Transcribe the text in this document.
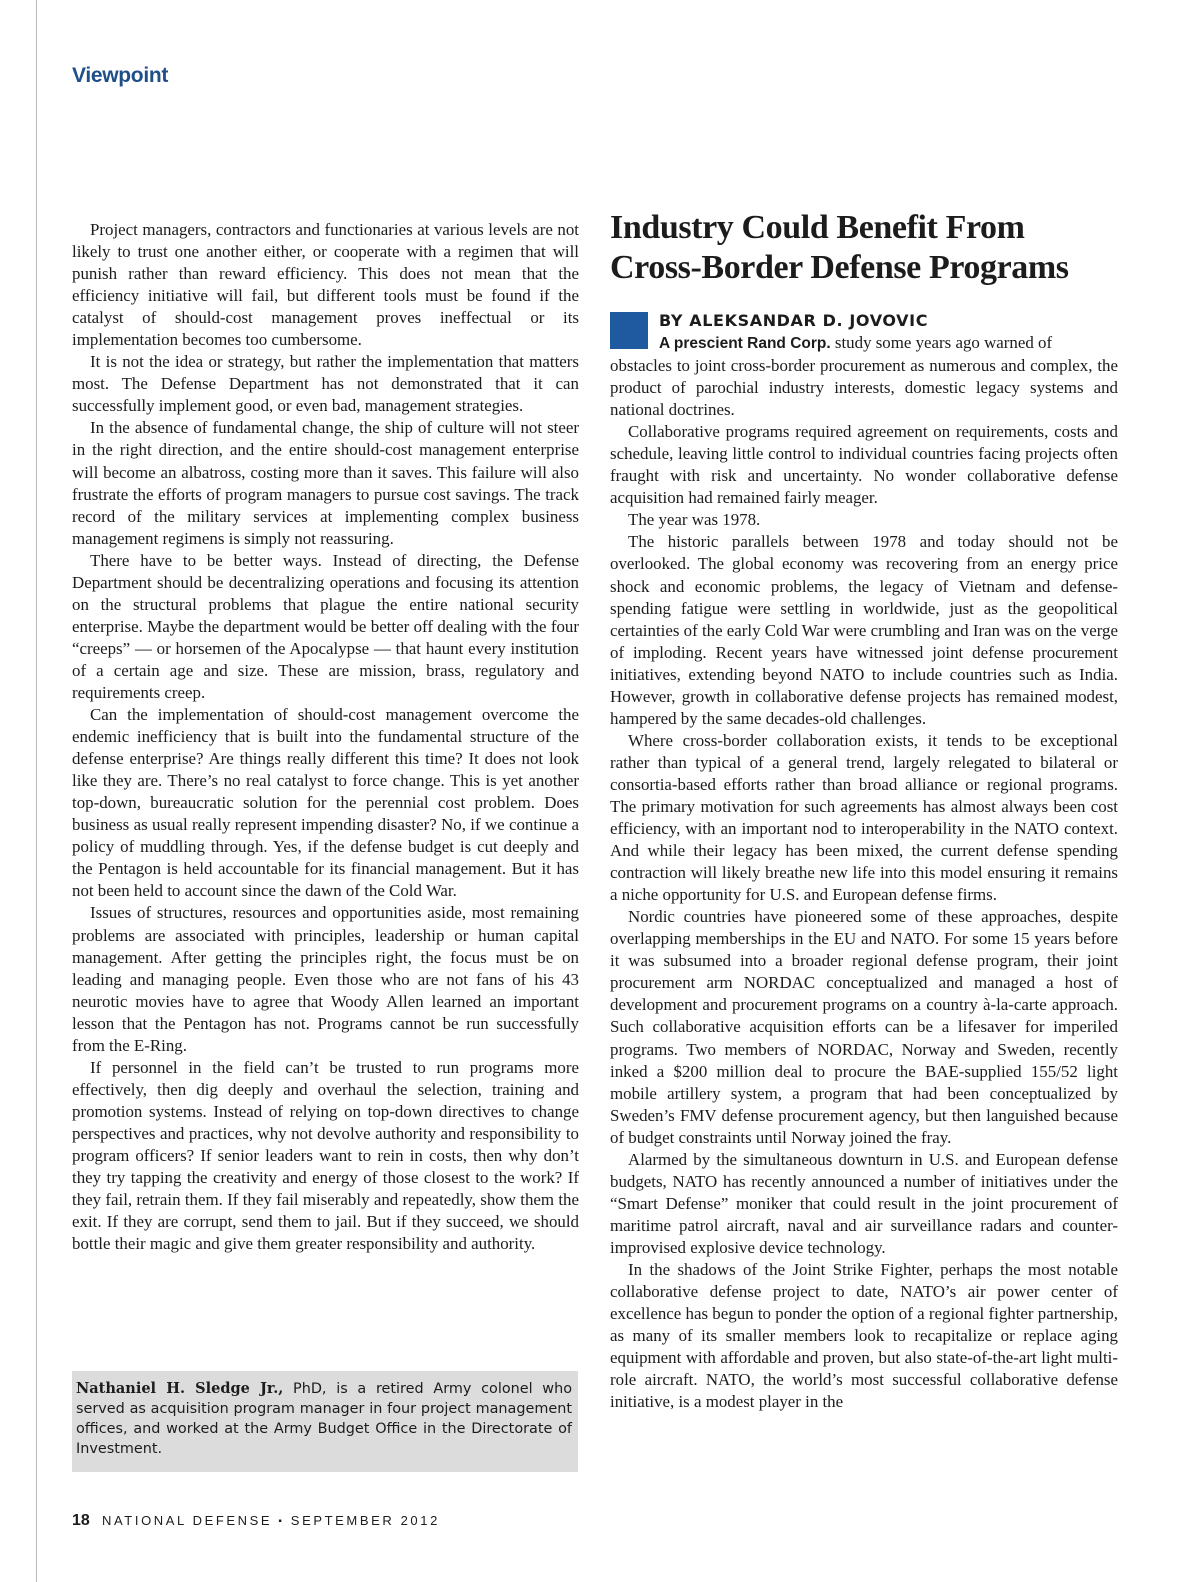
Viewpoint

Project managers, contractors and functionaries at various levels are not likely to trust one another either, or cooperate with a regimen that will punish rather than reward efficiency. This does not mean that the efficiency initiative will fail, but different tools must be found if the catalyst of should-cost management proves ineffectual or its implementation becomes too cumbersome.

It is not the idea or strategy, but rather the implementation that matters most. The Defense Department has not demonstrated that it can successfully implement good, or even bad, management strategies.

In the absence of fundamental change, the ship of culture will not steer in the right direction, and the entire should-cost management enterprise will become an albatross, costing more than it saves. This failure will also frustrate the efforts of program managers to pursue cost savings. The track record of the military services at implementing complex business management regimens is simply not reassuring.

There have to be better ways. Instead of directing, the Defense Department should be decentralizing operations and focusing its attention on the structural problems that plague the entire national security enterprise. Maybe the department would be better off dealing with the four “creeps” — or horsemen of the Apocalypse — that haunt every institution of a certain age and size. These are mission, brass, regulatory and requirements creep.

Can the implementation of should-cost management overcome the endemic inefficiency that is built into the fundamental structure of the defense enterprise? Are things really different this time? It does not look like they are. There’s no real catalyst to force change. This is yet another top-down, bureaucratic solution for the perennial cost problem. Does business as usual really represent impending disaster? No, if we continue a policy of muddling through. Yes, if the defense budget is cut deeply and the Pentagon is held accountable for its financial management. But it has not been held to account since the dawn of the Cold War.

Issues of structures, resources and opportunities aside, most remaining problems are associated with principles, leadership or human capital management. After getting the principles right, the focus must be on leading and managing people. Even those who are not fans of his 43 neurotic movies have to agree that Woody Allen learned an important lesson that the Pentagon has not. Programs cannot be run successfully from the E-Ring.

If personnel in the field can’t be trusted to run programs more effectively, then dig deeply and overhaul the selection, training and promotion systems. Instead of relying on top-down directives to change perspectives and practices, why not devolve authority and responsibility to program officers? If senior leaders want to rein in costs, then why don’t they try tapping the creativity and energy of those closest to the work? If they fail, retrain them. If they fail miserably and repeatedly, show them the exit. If they are corrupt, send them to jail. But if they succeed, we should bottle their magic and give them greater responsibility and authority.

Nathaniel H. Sledge Jr., PhD, is a retired Army colonel who served as acquisition program manager in four project management offices, and worked at the Army Budget Office in the Directorate of Investment.
Industry Could Benefit From Cross-Border Defense Programs
BY ALEKSANDAR D. JOVOVIC

A prescient Rand Corp. study some years ago warned of

obstacles to joint cross-border procurement as numerous and complex, the product of parochial industry interests, domestic legacy systems and national doctrines.

Collaborative programs required agreement on requirements, costs and schedule, leaving little control to individual countries facing projects often fraught with risk and uncertainty. No wonder collaborative defense acquisition had remained fairly meager.

The year was 1978.

The historic parallels between 1978 and today should not be overlooked. The global economy was recovering from an energy price shock and economic problems, the legacy of Vietnam and defense-spending fatigue were settling in worldwide, just as the geopolitical certainties of the early Cold War were crumbling and Iran was on the verge of imploding. Recent years have witnessed joint defense procurement initiatives, extending beyond NATO to include countries such as India. However, growth in collaborative defense projects has remained modest, hampered by the same decades-old challenges.

Where cross-border collaboration exists, it tends to be exceptional rather than typical of a general trend, largely relegated to bilateral or consortia-based efforts rather than broad alliance or regional programs. The primary motivation for such agreements has almost always been cost efficiency, with an important nod to interoperability in the NATO context. And while their legacy has been mixed, the current defense spending contraction will likely breathe new life into this model ensuring it remains a niche opportunity for U.S. and European defense firms.

Nordic countries have pioneered some of these approaches, despite overlapping memberships in the EU and NATO. For some 15 years before it was subsumed into a broader regional defense program, their joint procurement arm NORDAC conceptualized and managed a host of development and procurement programs on a country à-la-carte approach. Such collaborative acquisition efforts can be a lifesaver for imperiled programs. Two members of NORDAC, Norway and Sweden, recently inked a $200 million deal to procure the BAE-supplied 155/52 light mobile artillery system, a program that had been conceptualized by Sweden’s FMV defense procurement agency, but then languished because of budget constraints until Norway joined the fray.

Alarmed by the simultaneous downturn in U.S. and European defense budgets, NATO has recently announced a number of initiatives under the “Smart Defense” moniker that could result in the joint procurement of maritime patrol aircraft, naval and air surveillance radars and counter-improvised explosive device technology.

In the shadows of the Joint Strike Fighter, perhaps the most notable collaborative defense project to date, NATO’s air power center of excellence has begun to ponder the option of a regional fighter partnership, as many of its smaller members look to recapitalize or replace aging equipment with affordable and proven, but also state-of-the-art light multi-role aircraft. NATO, the world’s most successful collaborative defense initiative, is a modest player in the

18 NATIONAL DEFENSE ▪ SEPTEMBER 2012
